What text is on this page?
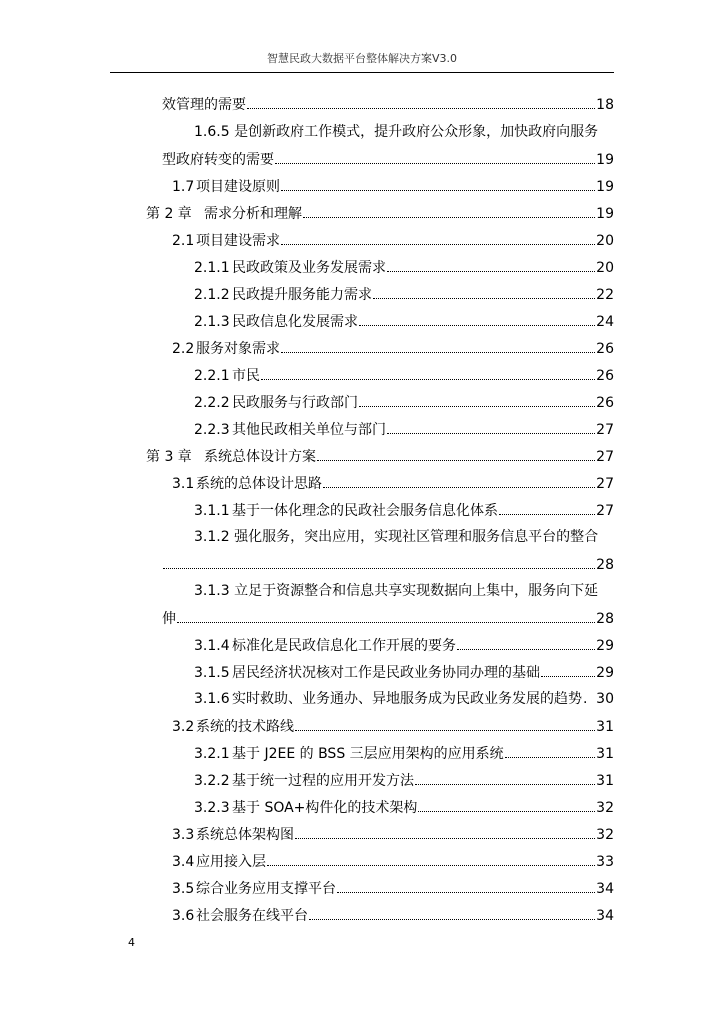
智慧民政大数据平台整体解决方案V3.0
效管理的需要	18
1.6.5 是创新政府工作模式，提升政府公众形象，加快政府向服务
型政府转变的需要	19
1.7 项目建设原则	19
第 2 章 需求分析和理解	19
2.1 项目建设需求	20
2.1.1 民政政策及业务发展需求	20
2.1.2 民政提升服务能力需求	22
2.1.3 民政信息化发展需求	24
2.2 服务对象需求	26
2.2.1 市民	26
2.2.2 民政服务与行政部门	26
2.2.3 其他民政相关单位与部门	27
第 3 章 系统总体设计方案	27
3.1 系统的总体设计思路	27
3.1.1 基于一体化理念的民政社会服务信息化体系	27
3.1.2 强化服务，突出应用，实现社区管理和服务信息平台的整合
28
3.1.3 立足于资源整合和信息共享实现数据向上集中，服务向下延
伸	28
3.1.4 标准化是民政信息化工作开展的要务	29
3.1.5 居民经济状况核对工作是民政业务协同办理的基础	29
3.1.6 实时救助、业务通办、异地服务成为民政业务发展的趋势 . 30
3.2 系统的技术路线	31
3.2.1 基于 J2EE 的 BSS 三层应用架构的应用系统	31
3.2.2 基于统一过程的应用开发方法	31
3.2.3 基于 SOA+构件化的技术架构	32
3.3 系统总体架构图	32
3.4 应用接入层	33
3.5 综合业务应用支撑平台	34
3.6 社会服务在线平台	34
4
